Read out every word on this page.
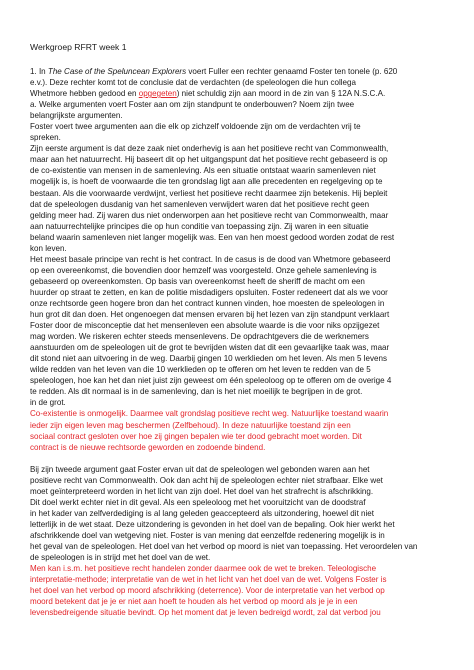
Werkgroep RFRT week 1

1. In The Case of the Speluncean Explorers voert Fuller een rechter genaamd Foster ten tonele (p. 620
e.v.). Deze rechter komt tot de conclusie dat de verdachten (de speleologen die hun collega
Whetmore hebben gedood en opgegeten) niet schuldig zijn aan moord in de zin van § 12A N.S.C.A.
a. Welke argumenten voert Foster aan om zijn standpunt te onderbouwen? Noem zijn twee
belangrijkste argumenten.
Foster voert twee argumenten aan die elk op zichzelf voldoende zijn om de verdachten vrij te
spreken.
Zijn eerste argument is dat deze zaak niet onderhevig is aan het positieve recht van Commonwealth,
maar aan het natuurrecht. Hij baseert dit op het uitgangspunt dat het positieve recht gebaseerd is op
de co-existentie van mensen in de samenleving. Als een situatie ontstaat waarin samenleven niet
mogelijk is, is hoeft de voorwaarde die ten grondslag ligt aan alle precedenten en regelgeving op te
bestaan. Als die voorwaarde verdwijnt, verliest het positieve recht daarmee zijn betekenis. Hij bepleit
dat de speleologen dusdanig van het samenleven verwijdert waren dat het positieve recht geen
gelding meer had. Zij waren dus niet onderworpen aan het positieve recht van Commonwealth, maar
aan natuurrechtelijke principes die op hun conditie van toepassing zijn. Zij waren in een situatie
beland waarin samenleven niet langer mogelijk was. Een van hen moest gedood worden zodat de rest
kon leven.
Het meest basale principe van recht is het contract. In de casus is de dood van Whetmore gebaseerd
op een overeenkomst, die bovendien door hemzelf was voorgesteld. Onze gehele samenleving is
gebaseerd op overeenkomsten. Op basis van overeenkomst heeft de sheriff de macht om een
huurder op straat te zetten, en kan de politie misdadigers opsluiten. Foster redeneert dat als we voor
onze rechtsorde geen hogere bron dan het contract kunnen vinden, hoe moesten de speleologen in
hun grot dit dan doen. Het ongenoegen dat mensen ervaren bij het lezen van zijn standpunt verklaart
Foster door de misconceptie dat het mensenleven een absolute waarde is die voor niks opzijgezet
mag worden. We riskeren echter steeds mensenlevens. De opdrachtgevers die de werknemers
aanstuurden om de speleologen uit de grot te bevrijden wisten dat dit een gevaarlijke taak was, maar
dit stond niet aan uitvoering in de weg. Daarbij gingen 10 werklieden om het leven. Als men 5 levens
wilde redden van het leven van die 10 werklieden op te offeren om het leven te redden van de 5
speleologen, hoe kan het dan niet juist zijn geweest om één speleoloog op te offeren om de overige 4
te redden. Als dit normaal is in de samenleving, dan is het niet moeilijk te begrijpen in de grot.
in de grot.
Co-existentie is onmogelijk. Daarmee valt grondslag positieve recht weg. Natuurlijke toestand waarin
ieder zijn eigen leven mag beschermen (Zelfbehoud). In deze natuurlijke toestand zijn een
sociaal contract gesloten over hoe zij gingen bepalen wie ter dood gebracht moet worden. Dit
contract is de nieuwe rechtsorde geworden en zodoende bindend.
Bij zijn tweede argument gaat Foster ervan uit dat de speleologen wel gebonden waren aan het
positieve recht van Commonwealth. Ook dan acht hij de speleologen echter niet strafbaar. Elke wet
moet geïnterpreteerd worden in het licht van zijn doel. Het doel van het strafrecht is afschrikking.
Dit doel werkt echter niet in dit geval. Als een speleoloog met het vooruitzicht van de doodstraf
in het kader van zelfverdediging is al lang geleden geaccepteerd als uitzondering, hoewel dit niet
letterlijk in de wet staat. Deze uitzondering is gevonden in het doel van de bepaling. Ook hier werkt het
afschrikkende doel van wetgeving niet. Foster is van mening dat eenzelfde redenering mogelijk is in
het geval van de speleologen. Het doel van het verbod op moord is niet van toepassing. Het veroordelen van
de speleologen is in strijd met het doel van de wet.
Men kan i.s.m. het positieve recht handelen zonder daarmee ook de wet te breken. Teleologische
interpretatie-methode; interpretatie van de wet in het licht van het doel van de wet. Volgens Foster is
het doel van het verbod op moord afschrikking (deterrence). Voor de interpretatie van het verbod op
moord betekent dat je je er niet aan hoeft te houden als het verbod op moord als je je in een
levensbedreigende situatie bevindt. Op het moment dat je leven bedreigd wordt, zal dat verbod jou
